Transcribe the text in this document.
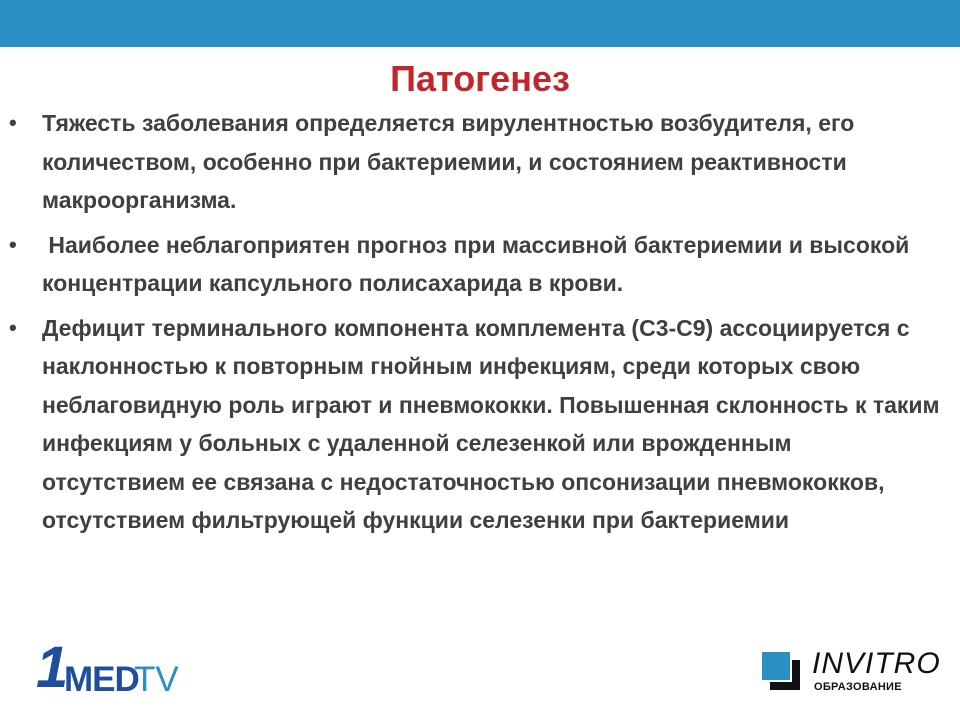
Патогенез
• Тяжесть заболевания определяется вирулентностью возбудителя, его количеством, особенно при бактериемии, и состоянием реактивности макроорганизма.
• Наиболее неблагоприятен прогноз при массивной бактериемии и высокой концентрации капсульного полисахарида в крови.
• Дефицит терминального компонента комплемента (С3-С9) ассоциируется с наклонностью к повторным гнойным инфекциям, среди которых свою неблаговидную роль играют и пневмококки. Повышенная склонность к таким инфекциям у больных с удаленной селезенкой или врожденным отсутствием ее связана с недостаточностью опсонизации пневмококков, отсутствием фильтрующей функции селезенки при бактериемии
1
MED
TV	INVITRO
ОБРАЗОВАНИЕ
